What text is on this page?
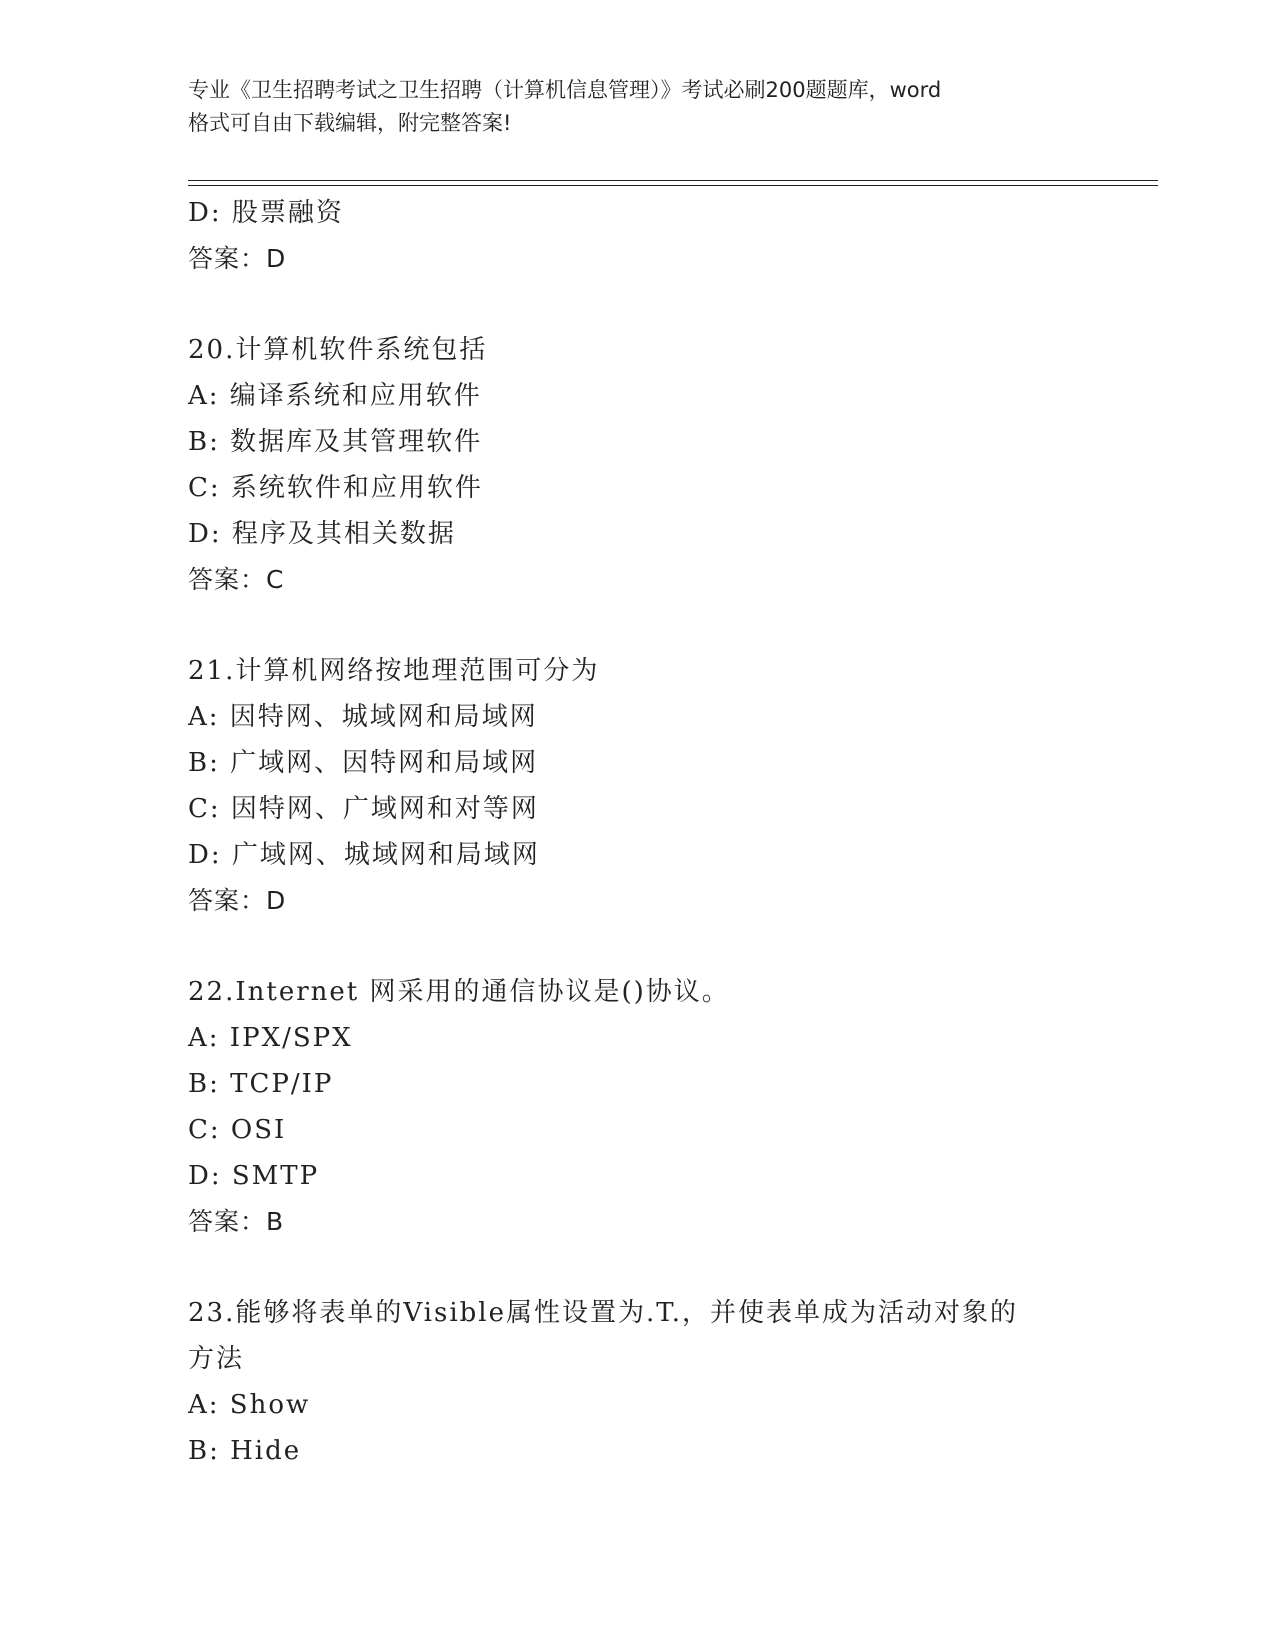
专业《卫生招聘考试之卫生招聘（计算机信息管理）》考试必刷200题题库，word
格式可自由下载编辑，附完整答案!
D: 股票融资
答案：D
20.计算机软件系统包括
A: 编译系统和应用软件
B: 数据库及其管理软件
C: 系统软件和应用软件
D: 程序及其相关数据
答案：C
21.计算机网络按地理范围可分为
A: 因特网、城域网和局域网
B: 广域网、因特网和局域网
C: 因特网、广域网和对等网
D: 广域网、城域网和局域网
答案：D
22.Internet 网采用的通信协议是()协议。
A: IPX/SPX
B: TCP/IP
C: OSI
D: SMTP
答案：B
23.能够将表单的Visible属性设置为.T.，并使表单成为活动对象的
方法
A: Show
B: Hide
